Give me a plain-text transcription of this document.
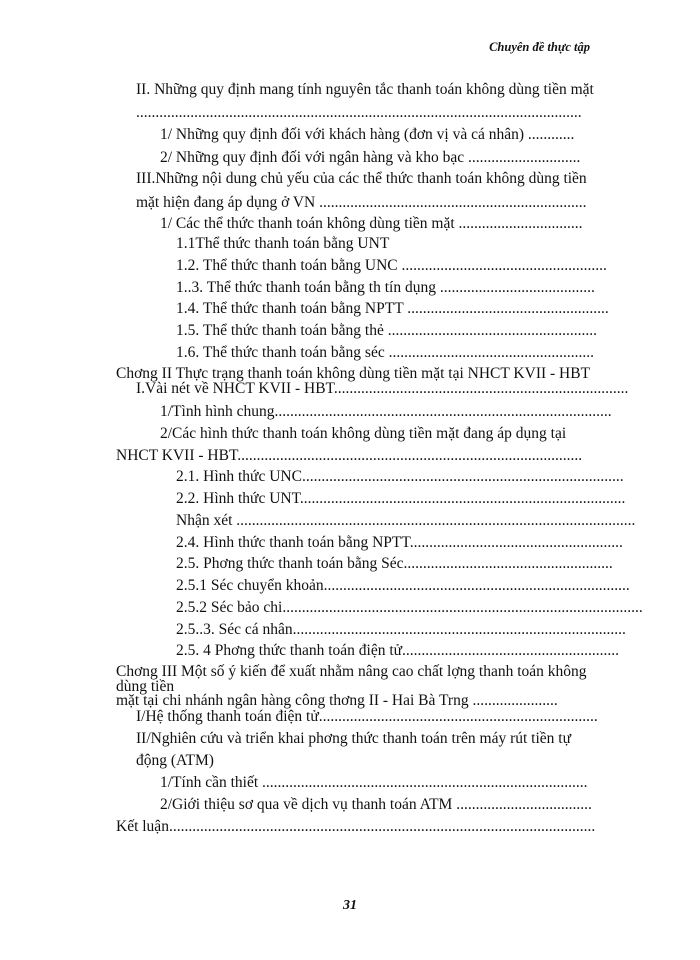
Chuyên đề thực tập
II. Những quy định mang tính nguyên tắc thanh toán không dùng tiền mặt
...................................................................................................................
1/ Những quy định đối với khách hàng (đơn vị và cá nhân) ............
2/ Những quy định đối với ngân hàng và kho bạc .............................
III.Những nội dung chủ yếu của các thể thức thanh toán không dùng tiền
mặt hiện đang áp dụng ở VN .....................................................................
1/ Các thể thức thanh toán không dùng tiền mặt ................................
1.1Thể thức thanh toán bằng UNT
1.2. Thể thức thanh toán bằng UNC .....................................................
1..3. Thể thức thanh toán bằng th tín dụng ........................................
1.4. Thể thức thanh toán bằng NPTT ....................................................
1.5. Thể thức thanh toán bằng thẻ ......................................................
1.6. Thể thức thanh toán bằng séc .....................................................
Chơng II Thực trạng thanh toán không dùng tiền mặt tại NHCT KVII - HBT
I.Vài nét về NHCT KVII - HBT............................................................................
1/Tình hình chung.......................................................................................
2/Các hình thức thanh toán không dùng tiền mặt đang áp dụng tại
NHCT KVII - HBT.........................................................................................
2.1. Hình thức UNC...................................................................................
2.2. Hình thức UNT....................................................................................
Nhận xét .......................................................................................................
2.4. Hình thức thanh toán bằng NPTT.......................................................
2.5. Phơng thức thanh toán bằng Séc......................................................
2.5.1 Séc chuyển khoản...............................................................................
2.5.2 Séc bảo chi.............................................................................................
2.5..3. Séc cá nhân......................................................................................
2.5. 4 Phơng thức thanh toán điện tử........................................................
Chơng III Một số ý kiến để xuất nhằm nâng cao chất lợng thanh toán không
dùng tiền
mặt tại chi nhánh ngân hàng công thơng II - Hai Bà Trng ......................
I/Hệ thống thanh toán điện tử........................................................................
II/Nghiên cứu và triển khai phơng thức thanh toán trên máy rút tiền tự
động (ATM)
1/Tính cần thiết ....................................................................................
2/Giới thiệu sơ qua về dịch vụ thanh toán ATM ...................................
Kết luận..............................................................................................................
31
